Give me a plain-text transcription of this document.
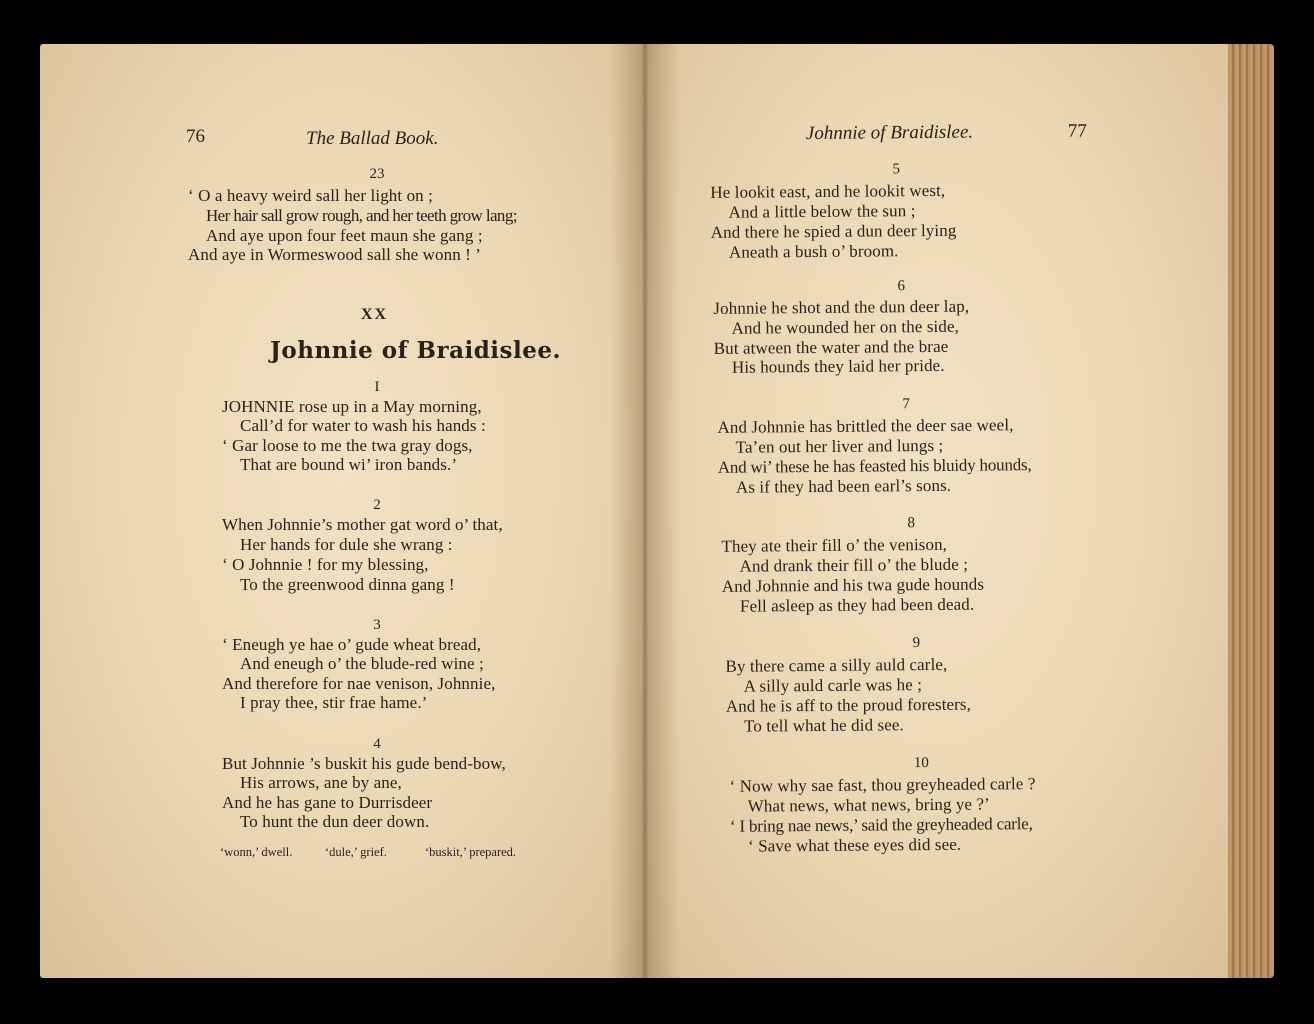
76	The Ballad Book.
23
‘ O a heavy weird sall her light on ;
Her hair sall grow rough, and her teeth grow lang;
And aye upon four feet maun she gang ;
And aye in Wormeswood sall she wonn ! ’
XX
Johnnie of Braidislee.
I
JOHNNIE rose up in a May morning,
Call’d for water to wash his hands :
‘ Gar loose to me the twa gray dogs,
That are bound wi’ iron bands.’
2
When Johnnie’s mother gat word o’ that,
Her hands for dule she wrang :
‘ O Johnnie ! for my blessing,
To the greenwood dinna gang !
3
‘ Eneugh ye hae o’ gude wheat bread,
And eneugh o’ the blude-red wine ;
And therefore for nae venison, Johnnie,
I pray thee, stir frae hame.’
4
But Johnnie ’s buskit his gude bend-bow,
His arrows, ane by ane,
And he has gane to Durrisdeer
To hunt the dun deer down.
‘wonn,’ dwell.	‘dule,’ grief.	‘buskit,’ prepared.
Johnnie of Braidislee.	77
5
He lookit east, and he lookit west,
And a little below the sun ;
And there he spied a dun deer lying
Aneath a bush o’ broom.
6
Johnnie he shot and the dun deer lap,
And he wounded her on the side,
But atween the water and the brae
His hounds they laid her pride.
7
And Johnnie has brittled the deer sae weel,
Ta’en out her liver and lungs ;
And wi’ these he has feasted his bluidy hounds,
As if they had been earl’s sons.
8
They ate their fill o’ the venison,
And drank their fill o’ the blude ;
And Johnnie and his twa gude hounds
Fell asleep as they had been dead.
9
By there came a silly auld carle,
A silly auld carle was he ;
And he is aff to the proud foresters,
To tell what he did see.
10
‘ Now why sae fast, thou greyheaded carle ?
What news, what news, bring ye ?’
‘ I bring nae news,’ said the greyheaded carle,
‘ Save what these eyes did see.
